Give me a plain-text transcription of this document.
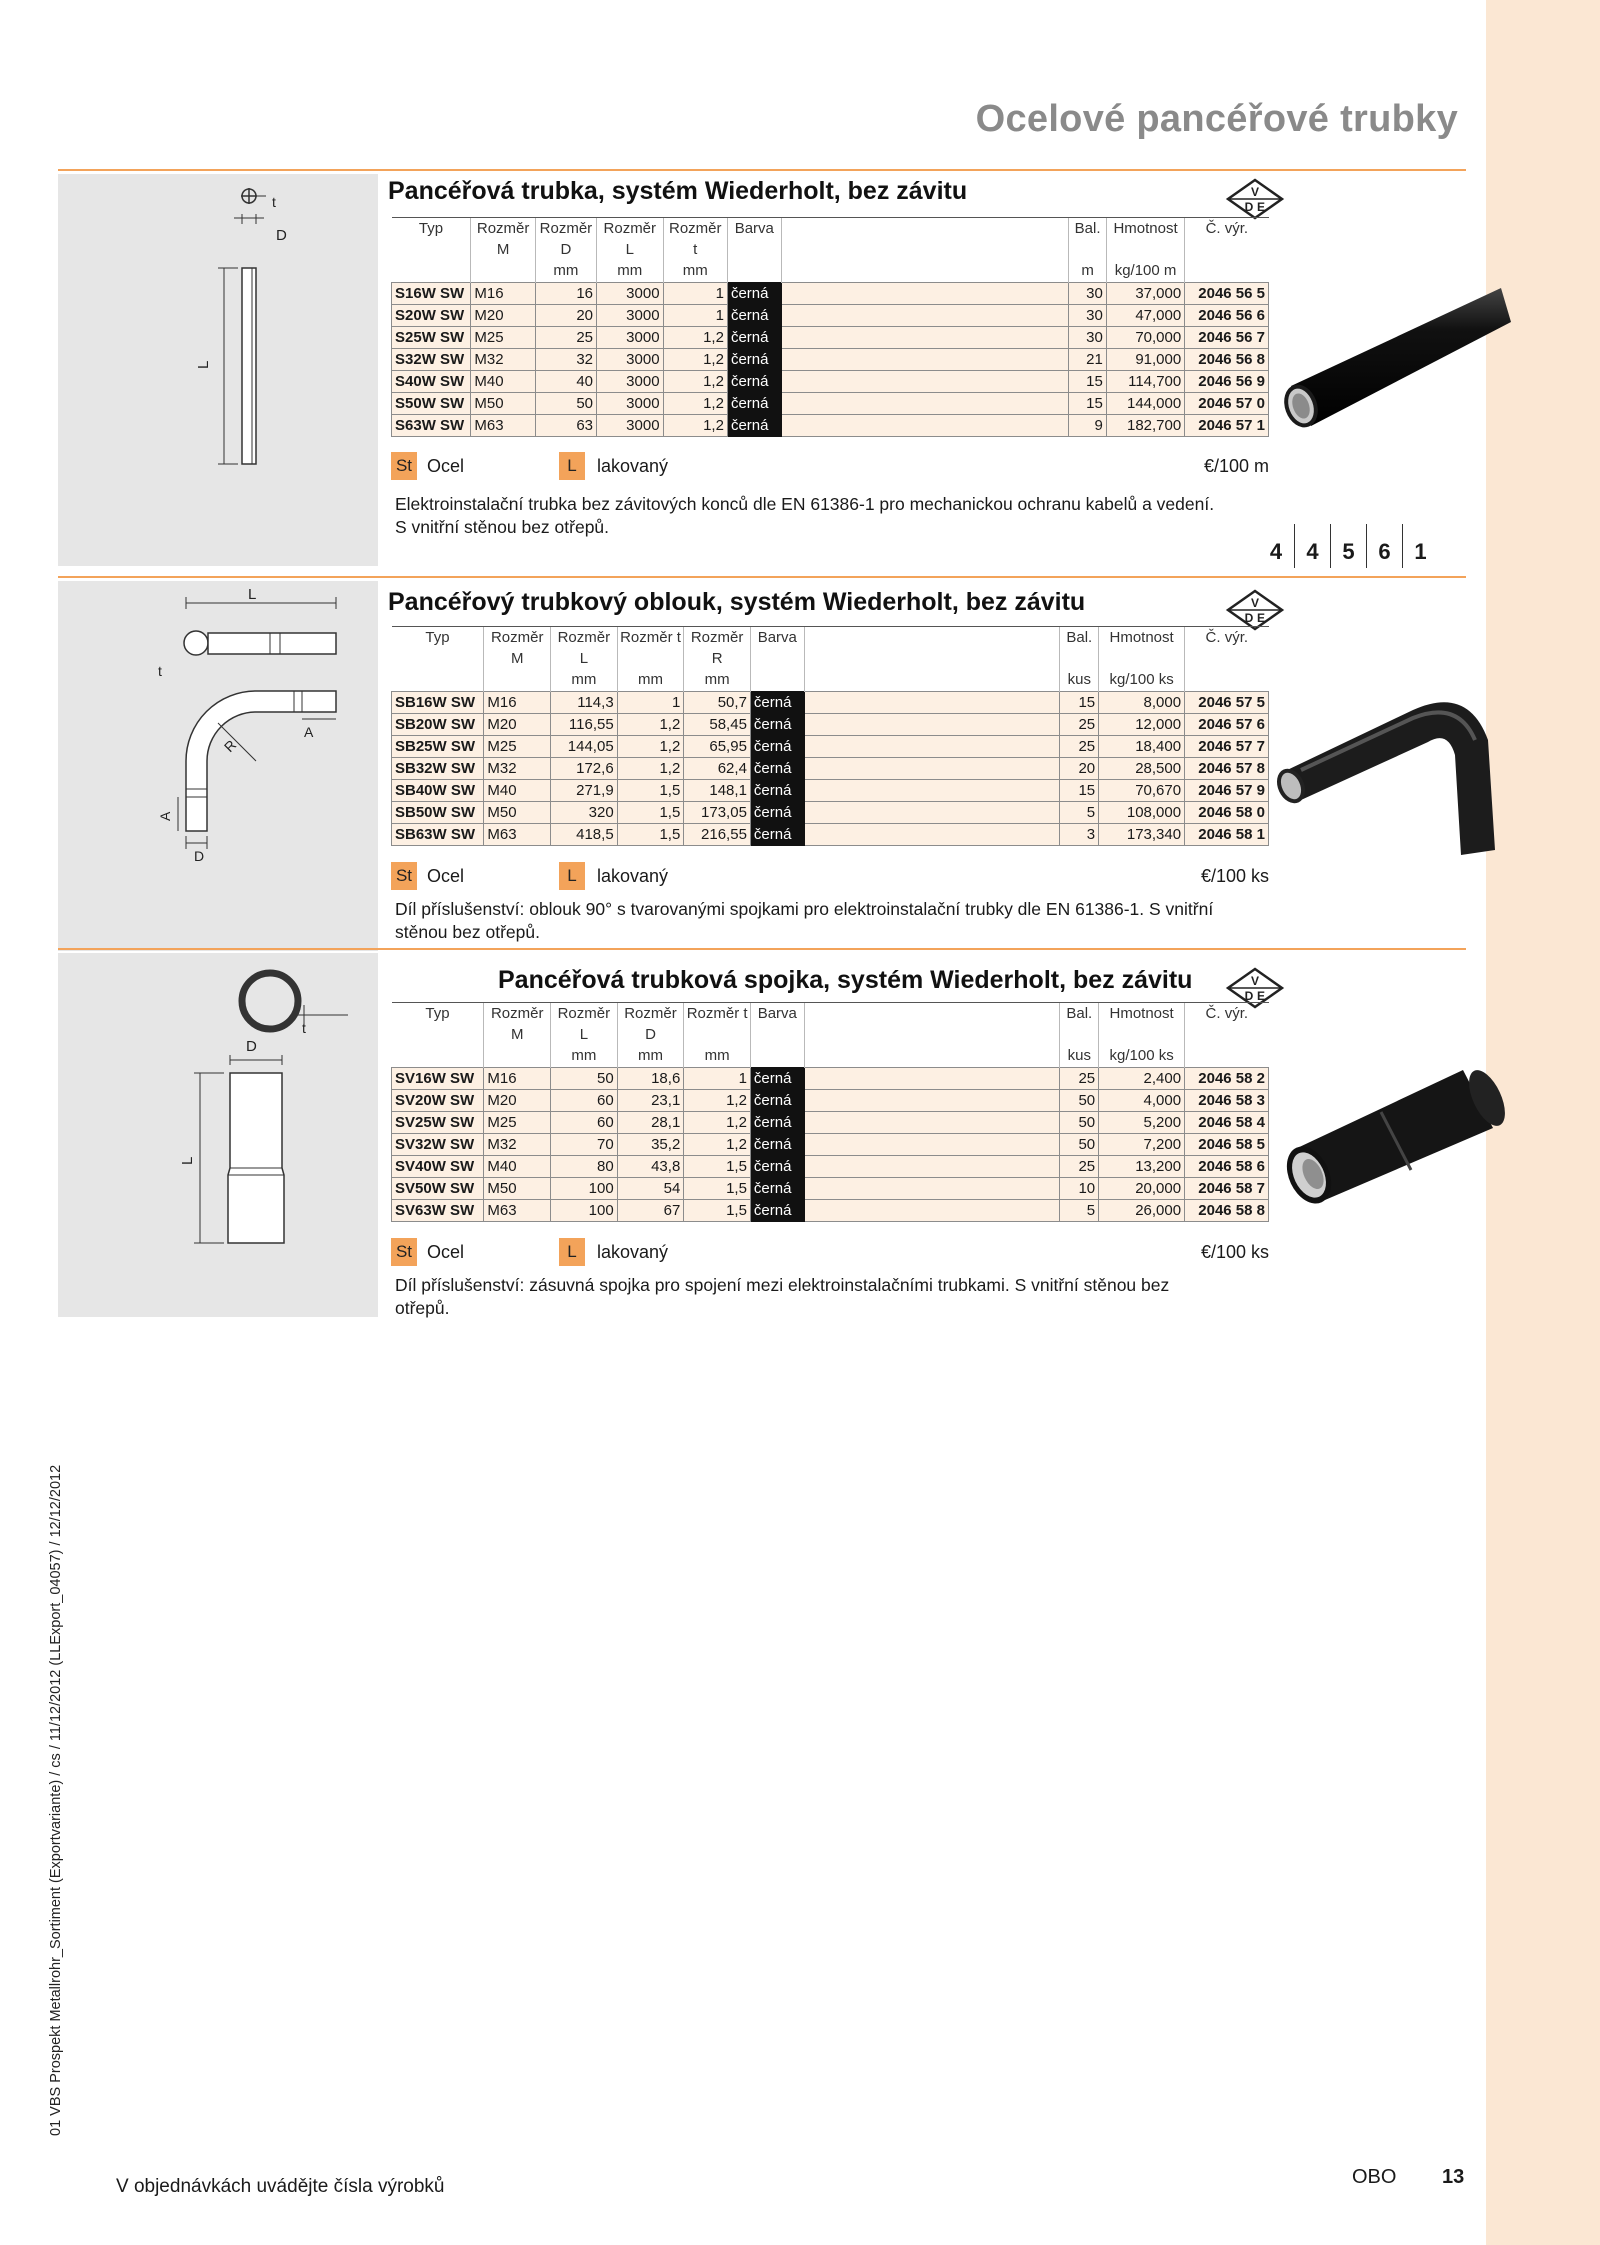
Ocelové pancéřové trubky
t
D
L
Pancéřová trubka, systém Wiederholt, bez závitu	V
D E
Typ	Rozměr M	Rozměr D	Rozměr L	Rozměr t	Barva		Bal.	Hmotnost	Č. výr.
		mm	mm	mm			m	kg/100 m	
S16W SW	M16	16	3000	1	černá		30	37,000	2046 56 5
S20W SW	M20	20	3000	1	černá		30	47,000	2046 56 6
S25W SW	M25	25	3000	1,2	černá		30	70,000	2046 56 7
S32W SW	M32	32	3000	1,2	černá		21	91,000	2046 56 8
S40W SW	M40	40	3000	1,2	černá		15	114,700	2046 56 9
S50W SW	M50	50	3000	1,2	černá		15	144,000	2046 57 0
S63W SW	M63	63	3000	1,2	černá		9	182,700	2046 57 1
St Ocel	L	lakovaný	€/100 m
Elektroinstalační trubka bez závitových konců dle EN 61386-1 pro mechanickou ochranu kabelů a vedení. S vnitřní stěnou bez otřepů.
4 4 5 6 1
L
t
R
A
A
D
Pancéřový trubkový oblouk, systém Wiederholt, bez závitu	V
D E
Typ	Rozměr M	Rozměr L	Rozměr t	Rozměr R	Barva		Bal.	Hmotnost	Č. výr.
		mm	mm	mm			kus	kg/100 ks	
SB16W SW	M16	114,3	1	50,7	černá		15	8,000	2046 57 5
SB20W SW	M20	116,55	1,2	58,45	černá		25	12,000	2046 57 6
SB25W SW	M25	144,05	1,2	65,95	černá		25	18,400	2046 57 7
SB32W SW	M32	172,6	1,2	62,4	černá		20	28,500	2046 57 8
SB40W SW	M40	271,9	1,5	148,1	černá		15	70,670	2046 57 9
SB50W SW	M50	320	1,5	173,05	černá		5	108,000	2046 58 0
SB63W SW	M63	418,5	1,5	216,55	černá		3	173,340	2046 58 1
St Ocel	L	lakovaný	€/100 ks
Díl příslušenství: oblouk 90° s tvarovanými spojkami pro elektroinstalační trubky dle EN 61386-1. S vnitřní stěnou bez otřepů.
t
D
L
Pancéřová trubková spojka, systém Wiederholt, bez závitu	V
D E
Typ	Rozměr M	Rozměr L	Rozměr D	Rozměr t	Barva		Bal.	Hmotnost	Č. výr.
		mm	mm	mm			kus	kg/100 ks	
SV16W SW	M16	50	18,6	1	černá		25	2,400	2046 58 2
SV20W SW	M20	60	23,1	1,2	černá		50	4,000	2046 58 3
SV25W SW	M25	60	28,1	1,2	černá		50	5,200	2046 58 4
SV32W SW	M32	70	35,2	1,2	černá		50	7,200	2046 58 5
SV40W SW	M40	80	43,8	1,5	černá		25	13,200	2046 58 6
SV50W SW	M50	100	54	1,5	černá		10	20,000	2046 58 7
SV63W SW	M63	100	67	1,5	černá		5	26,000	2046 58 8
St Ocel	L	lakovaný	€/100 ks
Díl příslušenství: zásuvná spojka pro spojení mezi elektroinstalačními trubkami. S vnitřní stěnou bez otřepů.
01 VBS Prospekt Metallrohr_Sortiment (Exportvariante) / cs / 11/12/2012 (LLExport_04057) / 12/12/2012
V objednávkách uvádějte čísla výrobků	OBO 13
